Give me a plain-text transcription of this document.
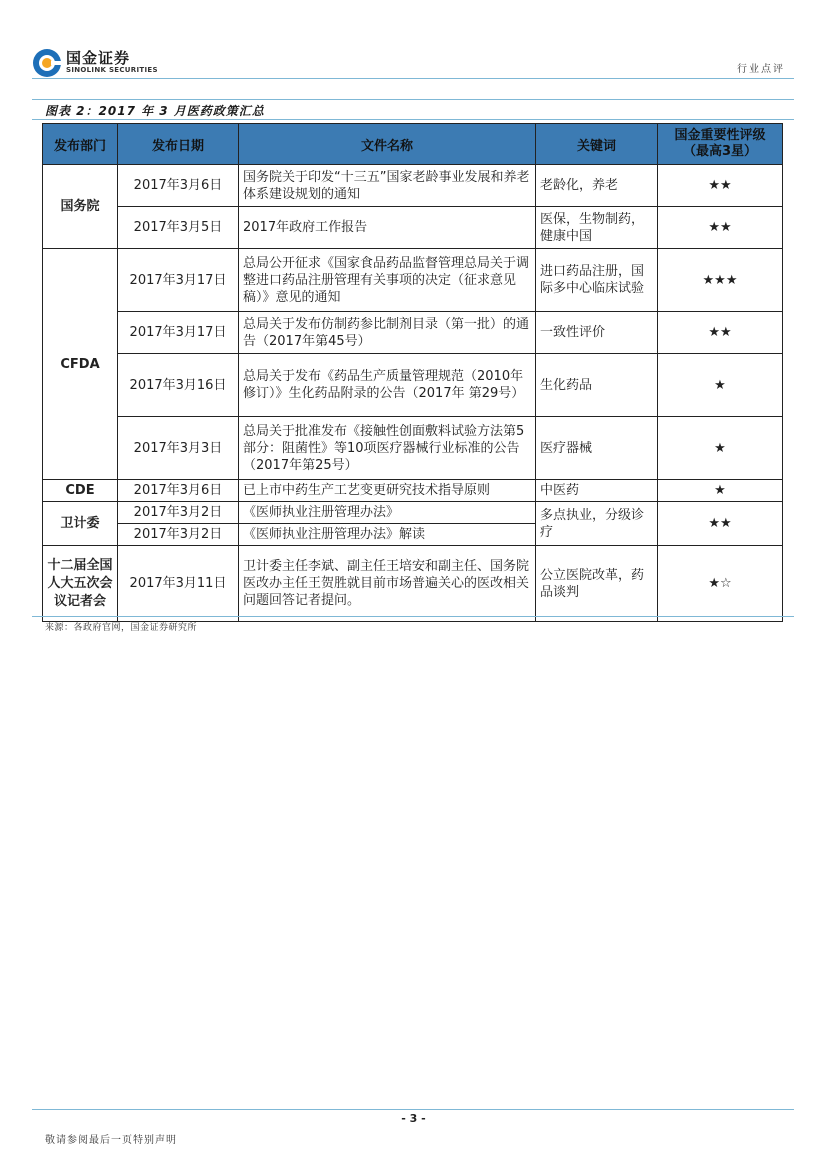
国金证券
SINOLINK SECURITIES	行业点评
图表 2：2017 年 3 月医药政策汇总
发布部门	发布日期	文件名称	关键词	国金重要性评级（最高3星）
国务院	2017年3月6日	国务院关于印发“十三五”国家老龄事业发展和养老体系建设规划的通知	老龄化，养老	★★
	2017年3月5日	2017年政府工作报告	医保，生物制药，健康中国	★★
CFDA	2017年3月17日	总局公开征求《国家食品药品监督管理总局关于调整进口药品注册管理有关事项的决定（征求意见稿）》意见的通知	进口药品注册，国际多中心临床试验	★★★
	2017年3月17日	总局关于发布仿制药参比制剂目录（第一批）的通告（2017年第45号）	一致性评价	★★
	2017年3月16日	总局关于发布《药品生产质量管理规范（2010年修订）》生化药品附录的公告（2017年 第29号）	生化药品	★
	2017年3月3日	总局关于批准发布《接触性创面敷料试验方法第5部分：阻菌性》等10项医疗器械行业标准的公告（2017年第25号）	医疗器械	★
CDE	2017年3月6日	已上市中药生产工艺变更研究技术指导原则	中医药	★
卫计委	2017年3月2日	《医师执业注册管理办法》	多点执业，分级诊疗	★★
	2017年3月2日	《医师执业注册管理办法》解读		
十二届全国人大五次会议记者会	2017年3月11日	卫计委主任李斌、副主任王培安和副主任、国务院医改办主任王贺胜就目前市场普遍关心的医改相关问题回答记者提问。	公立医院改革，药品谈判	★☆
来源：各政府官网，国金证券研究所
- 3 -
敬请参阅最后一页特别声明
